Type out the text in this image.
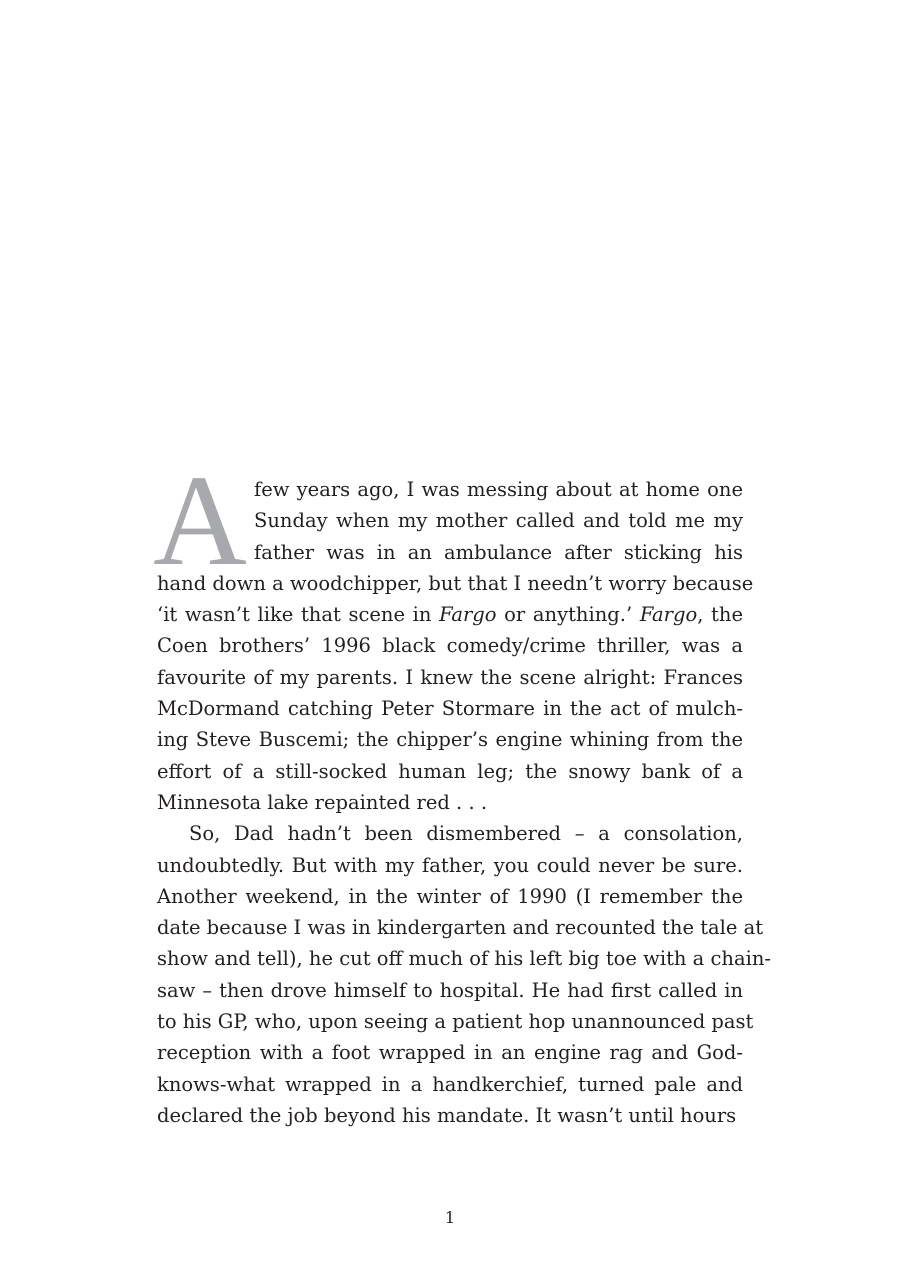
A few years ago, I was messing about at home one
Sunday when my mother called and told me my
father was in an ambulance after sticking his
hand down a woodchipper, but that I needn’t worry because
‘it wasn’t like that scene in Fargo or anything.’ Fargo, the
Coen brothers’ 1996 black comedy/crime thriller, was a
favourite of my parents. I knew the scene alright: Frances
McDormand catching Peter Stormare in the act of mulch-
ing Steve Buscemi; the chipper’s engine whining from the
effort of a still-socked human leg; the snowy bank of a
Minnesota lake repainted red . . .
So, Dad hadn’t been dismembered – a consolation,
undoubtedly. But with my father, you could never be sure.
Another weekend, in the winter of 1990 (I remember the
date because I was in kindergarten and recounted the tale at
show and tell), he cut off much of his left big toe with a chain-
saw – then drove himself to hospital. He had first called in
to his GP, who, upon seeing a patient hop unannounced past
reception with a foot wrapped in an engine rag and God-
knows-what wrapped in a handkerchief, turned pale and
declared the job beyond his mandate. It wasn’t until hours
1
